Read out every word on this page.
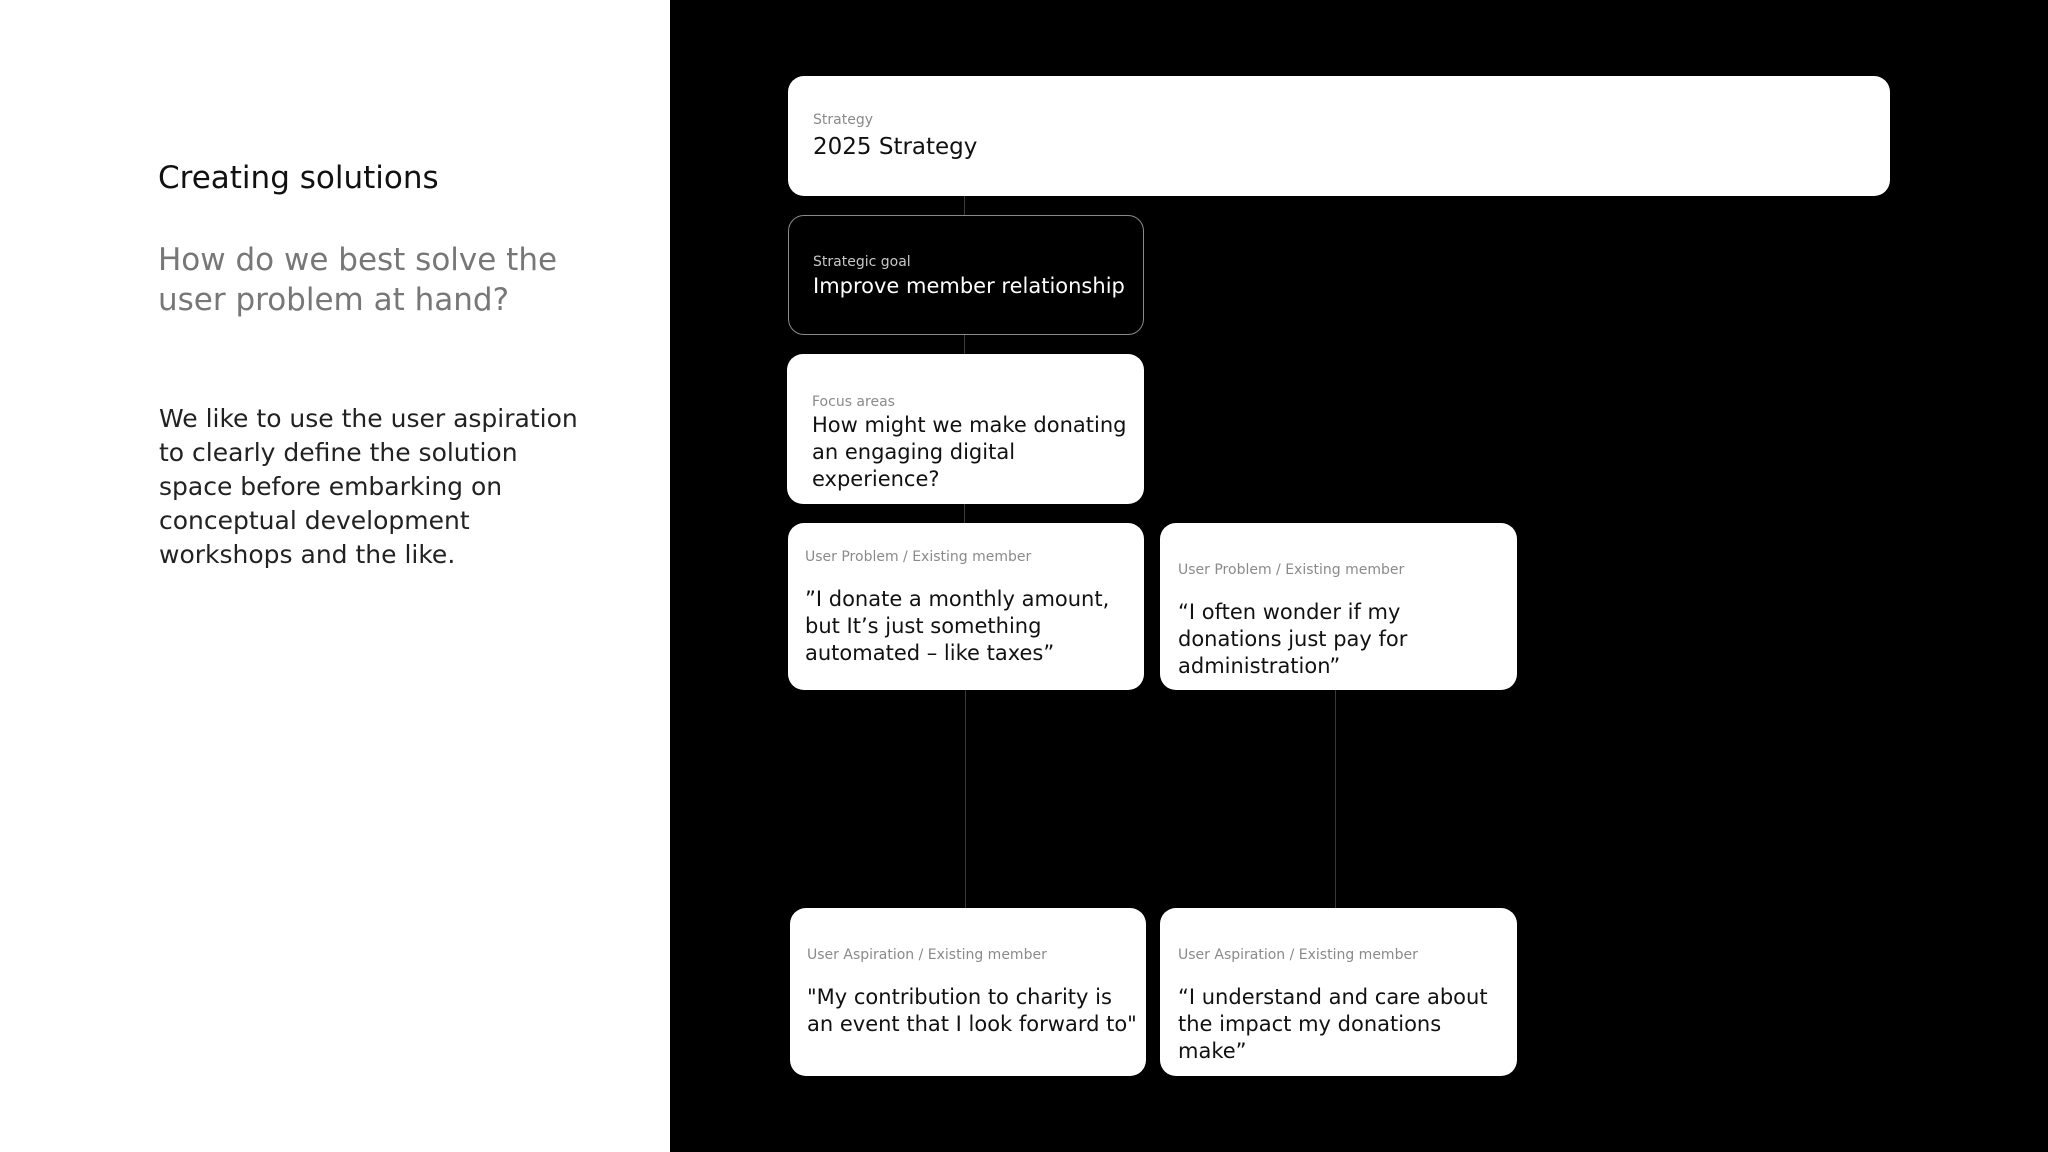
Creating solutions
How do we best solve the user problem at hand?
We like to use the user aspiration to clearly define the solution space before embarking on conceptual development workshops and the like.
Strategy
2025 Strategy
Strategic goal
Improve member relationship
Focus areas
How might we make donating an engaging digital experience?
User Problem / Existing member
”I donate a monthly amount, but It’s just something automated – like taxes”
User Problem / Existing member
“I often wonder if my donations just pay for administration”
User Aspiration / Existing member
"My contribution to charity is an event that I look forward to"
User Aspiration / Existing member
“I understand and care about the impact my donations make”
